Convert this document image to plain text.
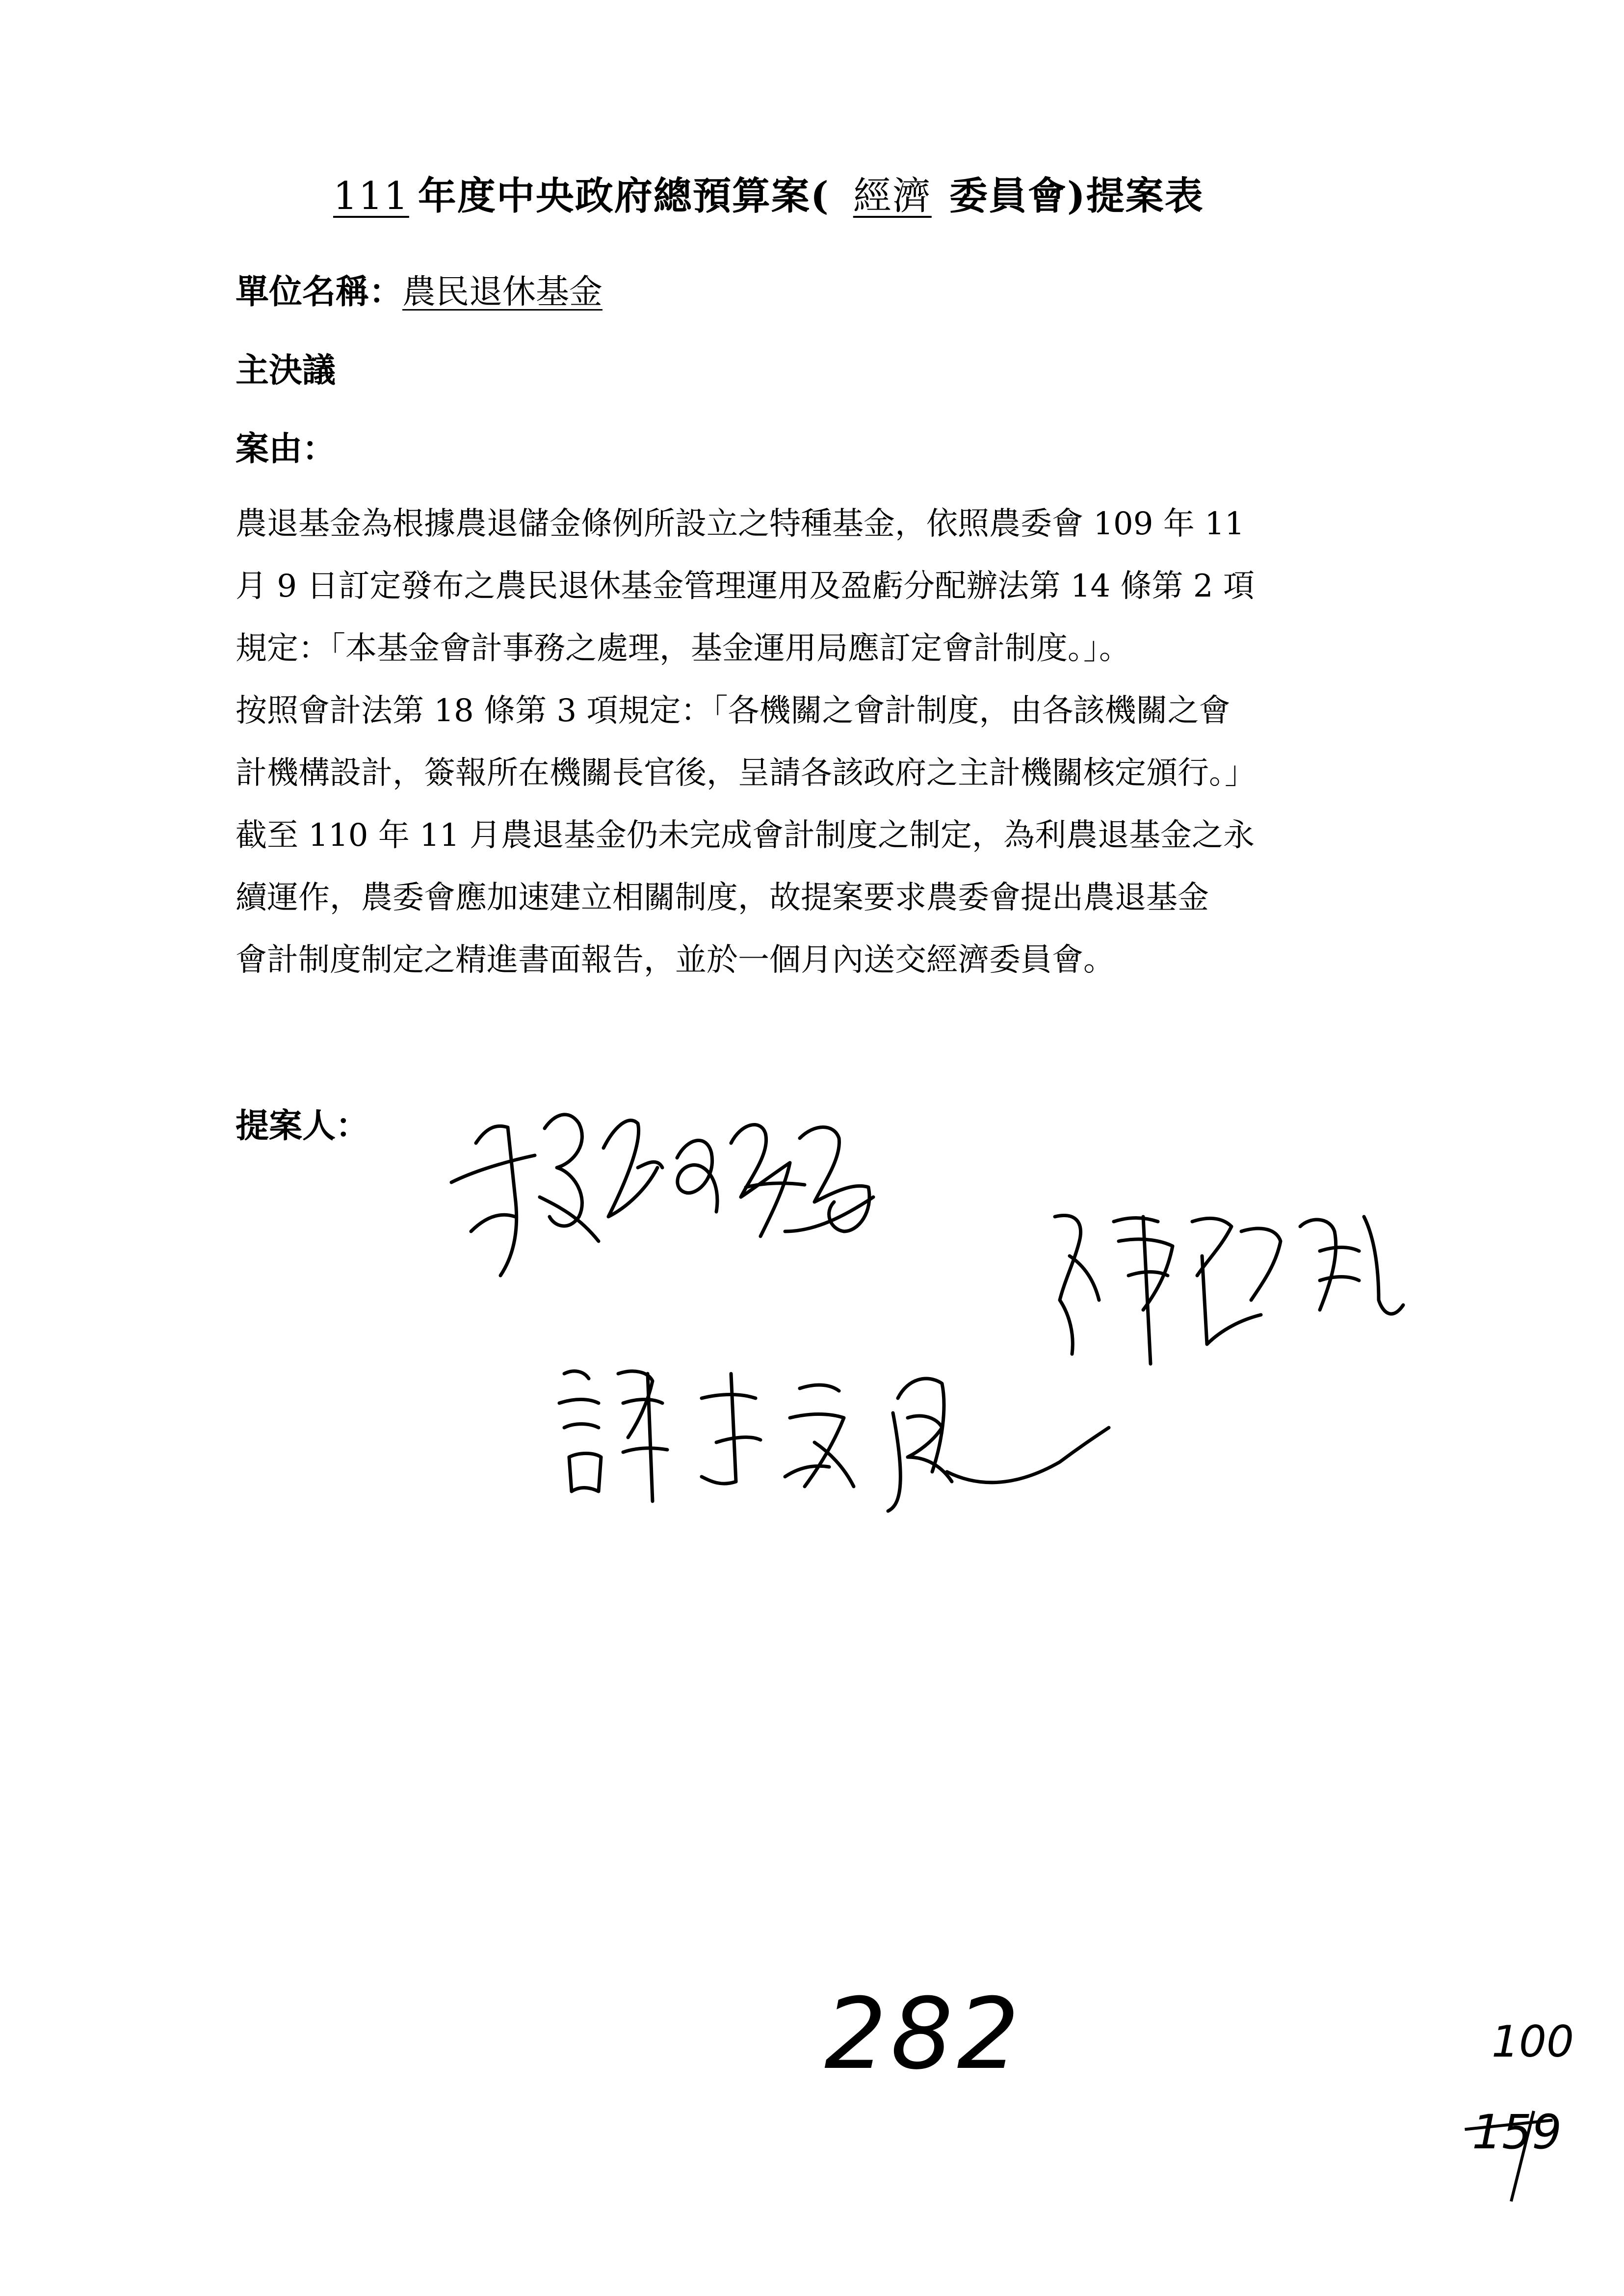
111 年度中央政府總預算案( 經濟 委員會)提案表
單位名稱：農民退休基金
主決議
案由：
農退基金為根據農退儲金條例所設立之特種基金，依照農委會 109 年 11
月 9 日訂定發布之農民退休基金管理運用及盈虧分配辦法第 14 條第 2 項
規定：「本基金會計事務之處理，基金運用局應訂定會計制度。」。
按照會計法第 18 條第 3 項規定：「各機關之會計制度，由各該機關之會
計機構設計，簽報所在機關長官後，呈請各該政府之主計機關核定頒行。」
截至 110 年 11 月農退基金仍未完成會計制度之制定，為利農退基金之永
續運作，農委會應加速建立相關制度，故提案要求農委會提出農退基金
會計制度制定之精進書面報告，並於一個月內送交經濟委員會。
提案人：
282	100
159
